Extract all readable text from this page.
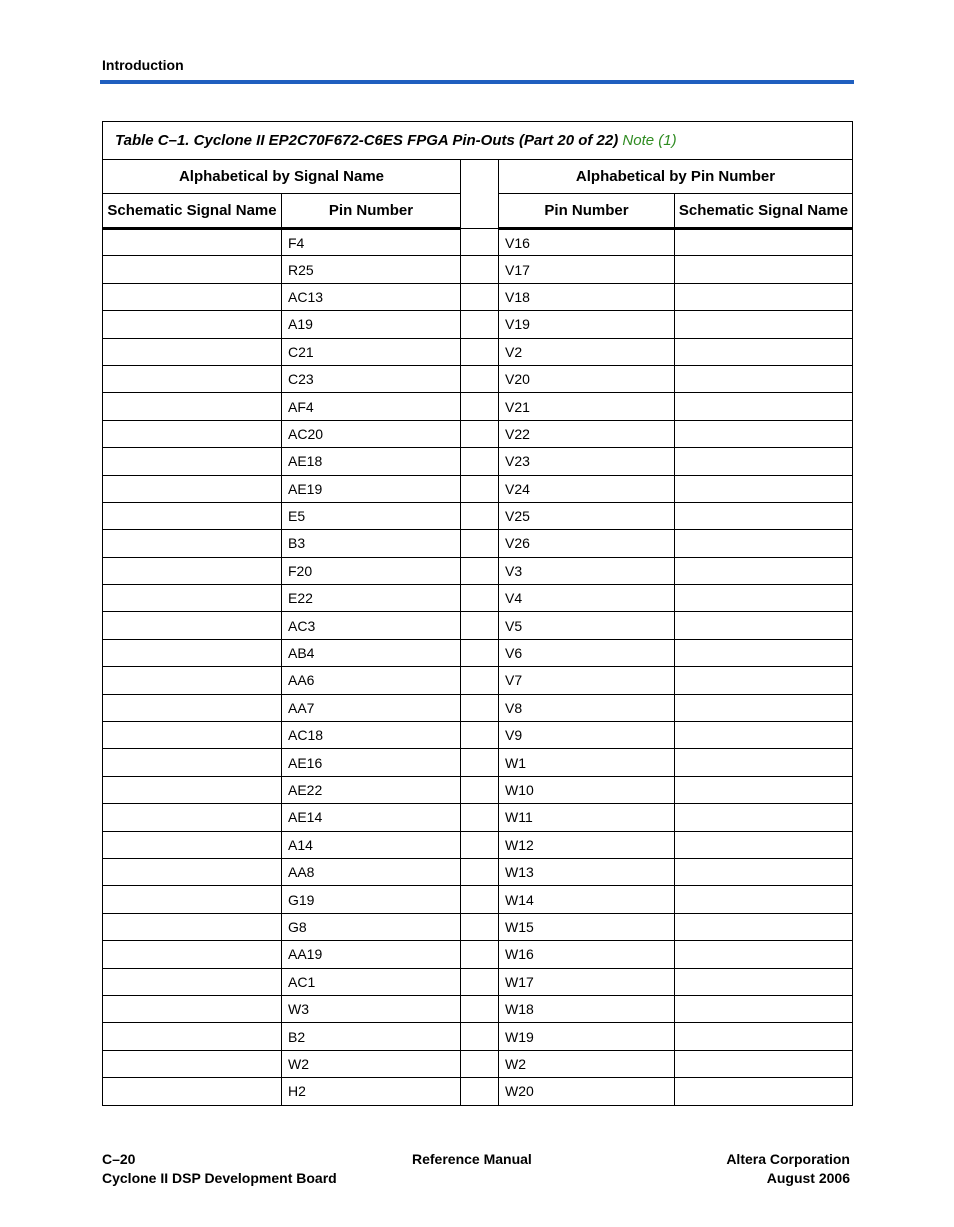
Introduction
Table C–1. Cyclone II EP2C70F672-C6ES FPGA Pin-Outs (Part 20 of 22) Note (1)				
Alphabetical by Signal Name			Alphabetical by Pin Number	
Schematic Signal Name	Pin Number		Pin Number	Schematic Signal Name
	F4		V16	
	R25		V17	
	AC13		V18	
	A19		V19	
	C21		V2	
	C23		V20	
	AF4		V21	
	AC20		V22	
	AE18		V23	
	AE19		V24	
	E5		V25	
	B3		V26	
	F20		V3	
	E22		V4	
	AC3		V5	
	AB4		V6	
	AA6		V7	
	AA7		V8	
	AC18		V9	
	AE16		W1	
	AE22		W10	
	AE14		W11	
	A14		W12	
	AA8		W13	
	G19		W14	
	G8		W15	
	AA19		W16	
	AC1		W17	
	W3		W18	
	B2		W19	
	W2		W2	
	H2		W20	
C–20	Reference Manual	Altera Corporation
Cyclone II DSP Development Board	August 2006
